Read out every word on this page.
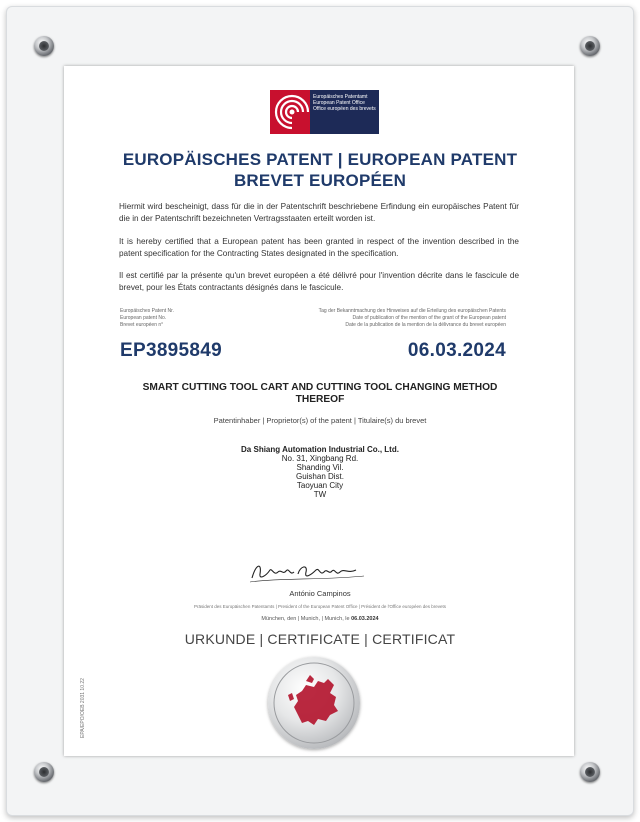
Europäisches Patentamt
European Patent Office
Office européen des brevets
EUROPÄISCHES PATENT | EUROPEAN PATENT
BREVET EUROPÉEN
Hiermit wird bescheinigt, dass für die in der Patentschrift beschriebene Erfindung ein europäisches Patent für die in der Patentschrift bezeichneten Vertragsstaaten erteilt worden ist.
It is hereby certified that a European patent has been granted in respect of the invention described in the patent specification for the Contracting States designated in the specification.
Il est certifié par la présente qu'un brevet européen a été délivré pour l'invention décrite dans le fascicule de brevet, pour les États contractants désignés dans le fascicule.
Europäisches Patent Nr.
European patent No.
Brevet européen n°
Tag der Bekanntmachung des Hinweises auf die Erteilung des europäischen Patents
Date of publication of the mention of the grant of the European patent
Date de la publication de la mention de la délivrance du brevet européen
EP3895849	06.03.2024
SMART CUTTING TOOL CART AND CUTTING TOOL CHANGING METHOD THEREOF
Patentinhaber | Proprietor(s) of the patent | Titulaire(s) du brevet
Da Shiang Automation Industrial Co., Ltd.
No. 31, Xingbang Rd.
Shanding Vil.
Guishan Dist.
Taoyuan City
TW
António Campinos
Präsident des Europäischen Patentamts | President of the European Patent Office | Président de l'Office européen des brevets
München, den | Munich, | Munich, le 06.03.2024
URKUNDE | CERTIFICATE | CERTIFICAT
EPA/EPO/OEB 2031 10.22
